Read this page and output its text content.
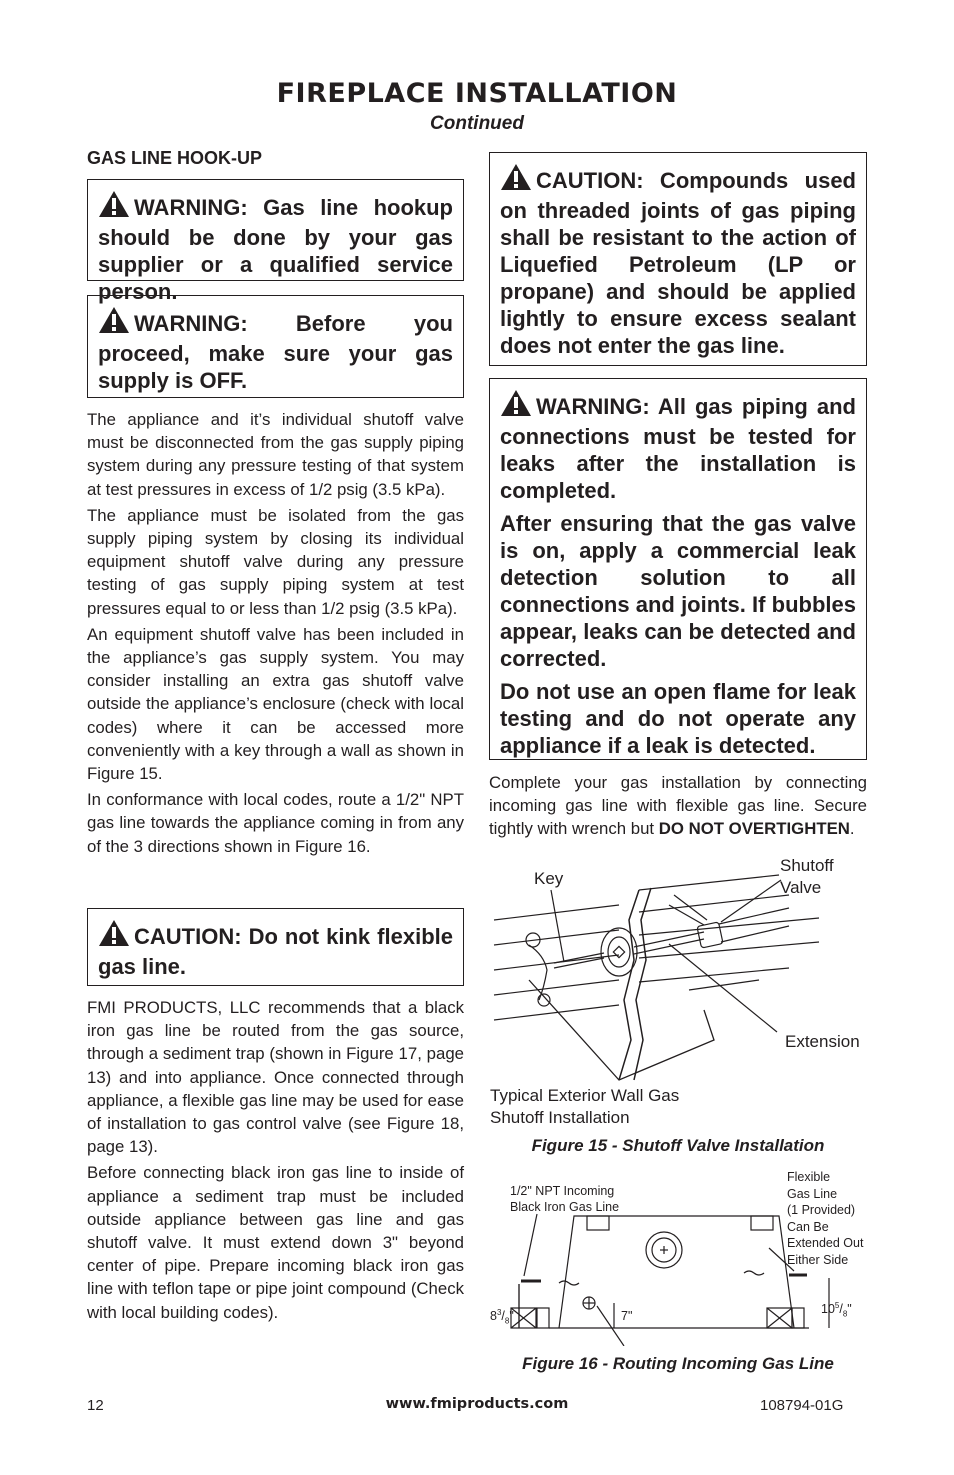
FIREPLACE INSTALLATION
Continued
GAS LINE HOOK-UP

WARNING: Gas line hookup should be done by your gas supplier or a qualified service person.

WARNING: Before you proceed, make sure your gas supply is OFF.

The appliance and it’s individual shutoff valve must be disconnected from the gas supply piping system during any pressure testing of that system at test pressures in excess of 1/2 psig (3.5 kPa).

The appliance must be isolated from the gas supply piping system by closing its individual equipment shutoff valve during any pressure testing of gas supply piping system at test pressures equal to or less than 1/2 psig (3.5 kPa).

An equipment shutoff valve has been included in the appliance’s gas supply system. You may consider installing an extra gas shutoff valve outside the appliance’s enclosure (check with local codes) where it can be accessed more conveniently with a key through a wall as shown in Figure 15.

In conformance with local codes, route a 1/2" NPT gas line towards the appliance coming in from any of the 3 directions shown in Figure 16.

CAUTION: Do not kink flexible gas line.

FMI PRODUCTS, LLC recommends that a black iron gas line be routed from the gas source, through a sediment trap (shown in Figure 17, page 13) and into appliance. Once connected through appliance, a flexible gas line may be used for ease of installation to gas control valve (see Figure 18, page 13).

Before connecting black iron gas line to inside of appliance a sediment trap must be included outside appliance between gas line and gas shutoff valve. It must extend down 3" beyond center of pipe. Prepare incoming black iron gas line with teflon tape or pipe joint compound (Check with local building codes).

CAUTION: Compounds used on threaded joints of gas piping shall be resistant to the action of Liquefied Petroleum (LP or propane) and should be applied lightly to ensure excess sealant does not enter the gas line.

WARNING: All gas piping and connections must be tested for leaks after the installation is completed.

After ensuring that the gas valve is on, apply a commercial leak detection solution to all connections and joints. If bubbles appear, leaks can be detected and corrected.

Do not use an open flame for leak testing and do not operate any appliance if a leak is detected.

Complete your gas installation by connecting incoming gas line with flexible gas line. Secure tightly with wrench but DO NOT OVERTIGHTEN.

Key
Shutoff
Valve
Extension
Typical Exterior Wall Gas
Shutoff Installation
Figure 15 - Shutoff Valve Installation
1/2" NPT Incoming
Black Iron Gas Line
Flexible
Gas Line
(1 Provided)
Can Be
Extended Out
Either Side
$8^3/_8$"	7"	$10^5/_8$"
Figure 16 - Routing Incoming Gas Line
12	www.fmiproducts.com	108794-01G
